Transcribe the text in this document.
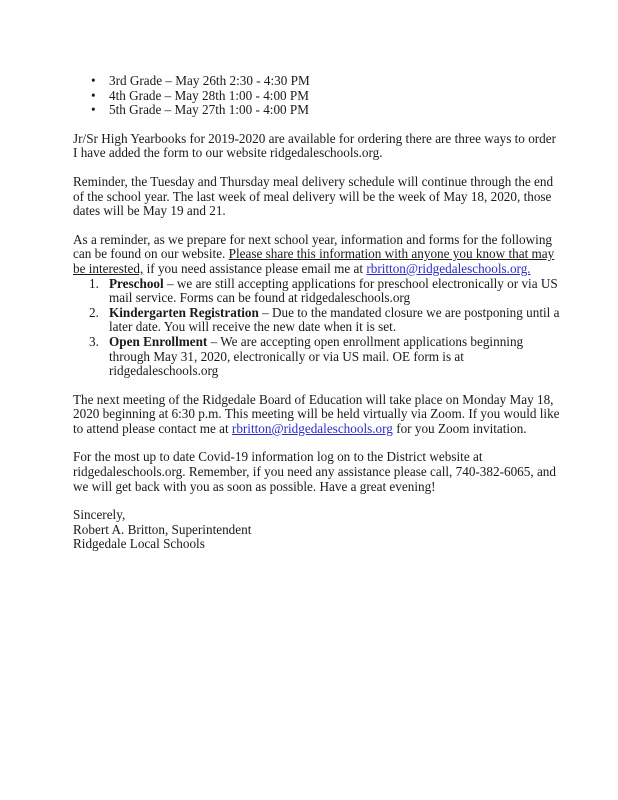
• 3rd Grade – May 26th 2:30 - 4:30 PM
• 4th Grade – May 28th 1:00 - 4:00 PM
• 5th Grade – May 27th 1:00 - 4:00 PM

Jr/Sr High Yearbooks for 2019-2020 are available for ordering there are three ways to order I have added the form to our website ridgedaleschools.org.

Reminder, the Tuesday and Thursday meal delivery schedule will continue through the end of the school year. The last week of meal delivery will be the week of May 18, 2020, those dates will be May 19 and 21.

As a reminder, as we prepare for next school year, information and forms for the following can be found on our website. Please share this information with anyone you know that may be interested, if you need assistance please email me at rbritton@ridgedaleschools.org.

1. Preschool – we are still accepting applications for preschool electronically or via US mail service. Forms can be found at ridgedaleschools.org
2. Kindergarten Registration – Due to the mandated closure we are postponing until a later date. You will receive the new date when it is set.
3. Open Enrollment – We are accepting open enrollment applications beginning through May 31, 2020, electronically or via US mail. OE form is at ridgedaleschools.org

The next meeting of the Ridgedale Board of Education will take place on Monday May 18, 2020 beginning at 6:30 p.m. This meeting will be held virtually via Zoom. If you would like to attend please contact me at rbritton@ridgedaleschools.org for you Zoom invitation.

For the most up to date Covid-19 information log on to the District website at ridgedaleschools.org. Remember, if you need any assistance please call, 740-382-6065, and we will get back with you as soon as possible. Have a great evening!

Sincerely,
Robert A. Britton, Superintendent
Ridgedale Local Schools
